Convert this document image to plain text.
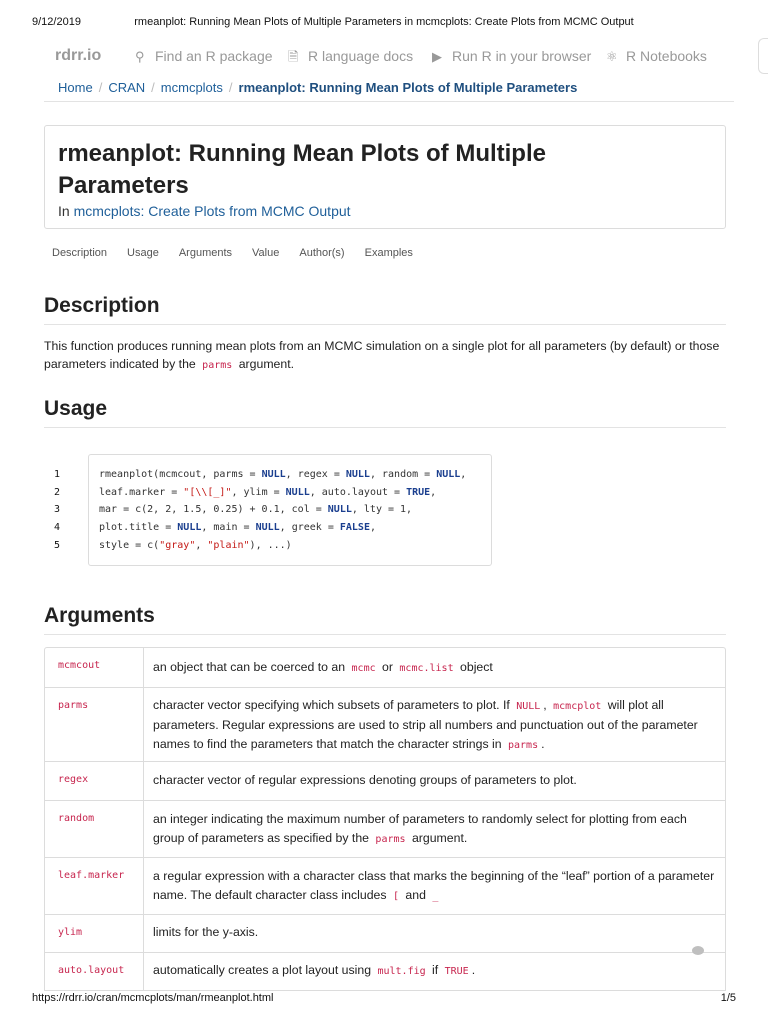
9/12/2019	rmeanplot: Running Mean Plots of Multiple Parameters in mcmcplots: Create Plots from MCMC Output
rdrr.io	⚲ Find an R package 🗎 R language docs ▶ Run R in your browser ⚛ R Notebooks
Home / CRAN / mcmcplots / rmeanplot: Running Mean Plots of Multiple Parameters
rmeanplot: Running Mean Plots of Multiple
Parameters
In mcmcplots: Create Plots from MCMC Output
Description Usage Arguments Value Author(s) Examples
Description
This function produces running mean plots from an MCMC simulation on a single plot for all parameters (by default) or those parameters indicated by the parms argument.
Usage
1
2
3
4
5
rmeanplot(mcmcout, parms = NULL, regex = NULL, random = NULL,
leaf.marker = "[\\[_]", ylim = NULL, auto.layout = TRUE,
mar = c(2, 2, 1.5, 0.25) + 0.1, col = NULL, lty = 1,
plot.title = NULL, main = NULL, greek = FALSE,
style = c("gray", "plain"), ...)
Arguments
mcmcout	an object that can be coerced to an mcmc or mcmc.list object
parms	character vector specifying which subsets of parameters to plot. If NULL , mcmcplot will plot all parameters. Regular expressions are used to strip all numbers and punctuation out of the parameter names to find the parameters that match the character strings in parms .
regex	character vector of regular expressions denoting groups of parameters to plot.
random	an integer indicating the maximum number of parameters to randomly select for plotting from each group of parameters as specified by the parms argument.
leaf.marker	a regular expression with a character class that marks the beginning of the “leaf” portion of a parameter name. The default character class includes [ and _
ylim	limits for the y-axis.
auto.layout	automatically creates a plot layout using mult.fig if TRUE .
https://rdrr.io/cran/mcmcplots/man/rmeanplot.html	1/5
